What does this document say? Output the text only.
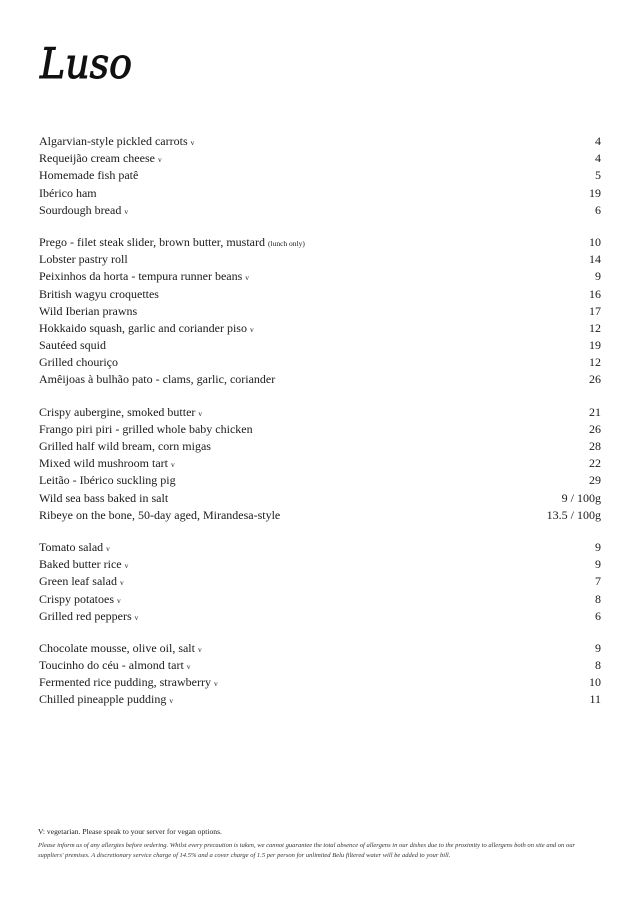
Luso
Algarvian-style pickled carrots v	4
Requeijão cream cheese v	4
Homemade fish patê	5
Ibérico ham	19
Sourdough bread v	6
Prego - filet steak slider, brown butter, mustard (lunch only)	10
Lobster pastry roll	14
Peixinhos da horta - tempura runner beans v	9
British wagyu croquettes	16
Wild Iberian prawns	17
Hokkaido squash, garlic and coriander piso v	12
Sautéed squid	19
Grilled chouriço	12
Amêijoas à bulhão pato - clams, garlic, coriander	26
Crispy aubergine, smoked butter v	21
Frango piri piri - grilled whole baby chicken	26
Grilled half wild bream, corn migas	28
Mixed wild mushroom tart v	22
Leitão - Ibérico suckling pig	29
Wild sea bass baked in salt	9 / 100g
Ribeye on the bone, 50-day aged, Mirandesa-style	13.5 / 100g
Tomato salad v	9
Baked butter rice v	9
Green leaf salad v	7
Crispy potatoes v	8
Grilled red peppers v	6
Chocolate mousse, olive oil, salt v	9
Toucinho do céu - almond tart v	8
Fermented rice pudding, strawberry v	10
Chilled pineapple pudding v	11
V: vegetarian. Please speak to your server for vegan options.
Please inform us of any allergies before ordering. Whilst every precaution is taken, we cannot guarantee the total absence of allergens in our dishes due to the proximity to allergens both on site and on our suppliers' premises. A discretionary service charge of 14.5% and a cover charge of 1.5 per person for unlimited Belu filtered water will be added to your bill.
